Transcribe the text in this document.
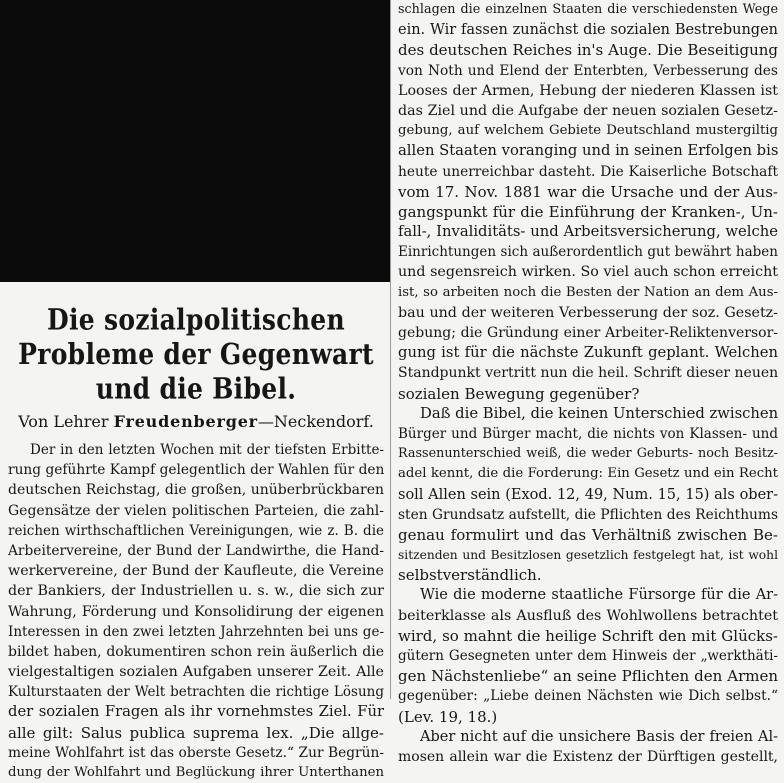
Die sozialpolitischen Probleme der Gegenwart
und die Bibel.
Von Lehrer Freudenberger—Neckendorf.
Der in den letzten Wochen mit der tiefsten Erbitte-
rung geführte Kampf gelegentlich der Wahlen für den
deutschen Reichstag, die großen, unüberbrückbaren
Gegensätze der vielen politischen Parteien, die zahl-
reichen wirthschaftlichen Vereinigungen, wie z. B. die
Arbeitervereine, der Bund der Landwirthe, die Hand-
werkervereine, der Bund der Kaufleute, die Vereine
der Bankiers, der Industriellen u. s. w., die sich zur
Wahrung, Förderung und Konsolidirung der eigenen
Interessen in den zwei letzten Jahrzehnten bei uns ge-
bildet haben, dokumentiren schon rein äußerlich die
vielgestaltigen sozialen Aufgaben unserer Zeit. Alle
Kulturstaaten der Welt betrachten die richtige Lösung
der sozialen Fragen als ihr vornehmstes Ziel. Für
alle gilt: Salus publica suprema lex. „Die allge-
meine Wohlfahrt ist das oberste Gesetz.“ Zur Begrün-
dung der Wohlfahrt und Beglückung ihrer Unterthanen
schlagen die einzelnen Staaten die verschiedensten Wege
ein. Wir fassen zunächst die sozialen Bestrebungen
des deutschen Reiches in's Auge. Die Beseitigung
von Noth und Elend der Enterbten, Verbesserung des
Looses der Armen, Hebung der niederen Klassen ist
das Ziel und die Aufgabe der neuen sozialen Gesetz-
gebung, auf welchem Gebiete Deutschland mustergiltig
allen Staaten voranging und in seinen Erfolgen bis
heute unerreichbar dasteht. Die Kaiserliche Botschaft
vom 17. Nov. 1881 war die Ursache und der Aus-
gangspunkt für die Einführung der Kranken-, Un-
fall-, Invaliditäts- und Arbeitsversicherung, welche
Einrichtungen sich außerordentlich gut bewährt haben
und segensreich wirken. So viel auch schon erreicht
ist, so arbeiten noch die Besten der Nation an dem Aus-
bau und der weiteren Verbesserung der soz. Gesetz-
gebung; die Gründung einer Arbeiter-Reliktenversor-
gung ist für die nächste Zukunft geplant. Welchen
Standpunkt vertritt nun die heil. Schrift dieser neuen
sozialen Bewegung gegenüber?
Daß die Bibel, die keinen Unterschied zwischen
Bürger und Bürger macht, die nichts von Klassen- und
Rassenunterschied weiß, die weder Geburts- noch Besitz-
adel kennt, die die Forderung: Ein Gesetz und ein Recht
soll Allen sein (Exod. 12, 49, Num. 15, 15) als ober-
sten Grundsatz aufstellt, die Pflichten des Reichthums
genau formulirt und das Verhältniß zwischen Be-
sitzenden und Besitzlosen gesetzlich festgelegt hat, ist wohl
selbstverständlich.
Wie die moderne staatliche Fürsorge für die Ar-
beiterklasse als Ausfluß des Wohlwollens betrachtet
wird, so mahnt die heilige Schrift den mit Glücks-
gütern Gesegneten unter dem Hinweis der „werkthäti-
gen Nächstenliebe“ an seine Pflichten den Armen
gegenüber: „Liebe deinen Nächsten wie Dich selbst.“
(Lev. 19, 18.)
Aber nicht auf die unsichere Basis der freien Al-
mosen allein war die Existenz der Dürftigen gestellt,
